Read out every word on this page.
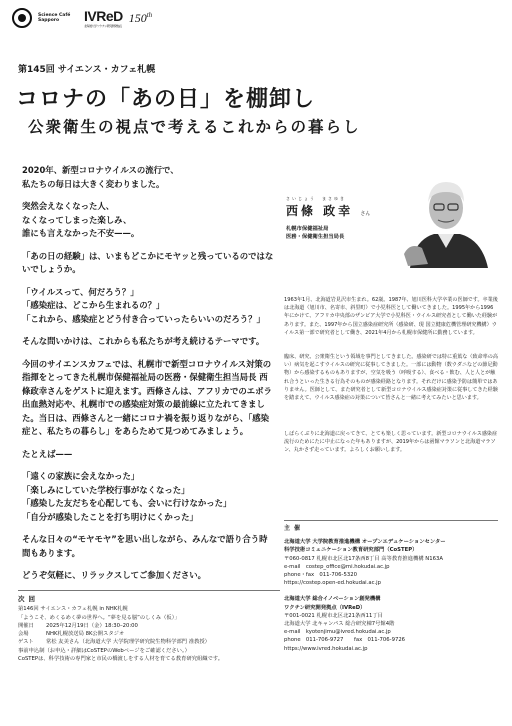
Science Café Sapporo	IVReD
北海道大学 ワクチン研究開発拠点
150th
第145回 サイエンス・カフェ札幌
コロナの「あの日」を棚卸し
公衆衛生の視点で考えるこれからの暮らし

2020年、新型コロナウイルスの流行で、
私たちの毎日は大きく変わりました。

突然会えなくなった人、
なくなってしまった楽しみ、
誰にも言えなかった不安——。

「あの日の経験」は、いまもどこかにモヤッと残っているのではないでしょうか。

「ウイルスって、何だろう？」
「感染症は、どこから生まれるの？」
「これから、感染症とどう付き合っていったらいいのだろう？」

そんな問いかけは、これからも私たちが考え続けるテーマです。

今回のサイエンスカフェでは、札幌市で新型コロナウイルス対策の指揮をとってきた札幌市保健福祉局の医務・保健衛生担当局長 西條政幸さんをゲストに迎えます。西條さんは、アフリカでのエボラ出血熱対応や、札幌市での感染症対策の最前線に立たれてきました。当日は、西條さんと一緒にコロナ禍を振り返りながら、「感染症と、私たちの暮らし」をあらためて見つめてみましょう。

たとえば——

「遠くの家族に会えなかった」
「楽しみにしていた学校行事がなくなった」
「感染した友だちを心配しても、会いに行けなかった」
「自分が感染したことを打ち明けにくかった」

そんな日々の“モヤモヤ”を思い出しながら、みんなで語り合う時間もあります。

どうぞ気軽に、リラックスしてご参加ください。

さいじょう　まさゆき
西條 政幸 さん
札幌市保健福祉局
医務・保健衛生担当局長
1963年1月、北海道岩見沢市生まれ。62歳。1987年、旭川医科大学卒業の医師です。卒業後は北海道（旭川市、名寄市、斜里町）で小児科医として働いてきました。1995年から1996年にかけて、アフリカ中央部のザンビア大学で小児科医・ウイルス研究者として働いた経験があります。また、1997年から国立感染症研究所（感染研、現 国立健康危機管理研究機構）ウイルス第一部で研究者として働き、2021年4月から札幌市保健所に勤務しています。
臨床、研究、公衆衛生という領域を事門としてきました。感染研では特に重篤な（致命率の高い）病気を起こすウイルスの研究に従事してきました。一部には動物（数ウダニなどの節足動物）から感染するものもありますが、空気を吸う（呼吸する）、食べる・飲む、人と人とが触れ合うといった生きる行為そのものが感染経路となります。それだけに感染予防は簡単ではありません。医師として、また研究者として新型コロナウイルス感染症対策に従事してきた経験を踏まえて、ウイルス感染症の対策について皆さんと一緒に考えてみたいと思います。
しばらくぶりに北海道に戻ってきて、とても楽しく思っています。新型コロナウイルス感染症流行のためにたに中止になった年もありますが、2019年からは函館マラソンと北海道マラソン、丸かさず走っています。よろしくお願いします。
次回
第146回 サイエンス・カフェ札幌 in NHK札幌
「ようこそ、めくるめく夢の世界へ。“夢を見る脳”のしくみ（仮）」
開催日	2025年12月19日（金）18:30–20:00
会場	NHK札幌放送局 8K公開スタジオ
ゲスト	常松 友美さん（北海道大学 大学院理学研究院生物科学部門 准教授）
事前申込制（お申込・詳細はCoSTEPのWebページをご確認ください。）
CoSTEPは、科学技術の専門家と市民の橋渡しをする人材を育てる教育研究組織です。
主催
北海道大学 大学院教育推進機構 オープンエデュケーションセンター
科学技術コミュニケーション教育研究部門（CoSTEP）
〒060-0817 札幌市北区北17条西8丁目 高等教育推進機構 N163A
e-mail　costep_office@mi.hokudai.ac.jp
phone・fax　011-706-5320
https://costep.open-ed.hokudai.ac.jp
北海道大学 総合イノベーション創発機構
ワクチン研究開発拠点（IVReD）
〒001-0021 札幌市北区北21条西11丁目
北海道大学 北キャンパス 総合研究棟7号館4階
e-mail　kyotenjimu@ivred.hokudai.ac.jp
phone　011-706-9727　　fax　011-706-9726
https://www.ivred.hokudai.ac.jp
